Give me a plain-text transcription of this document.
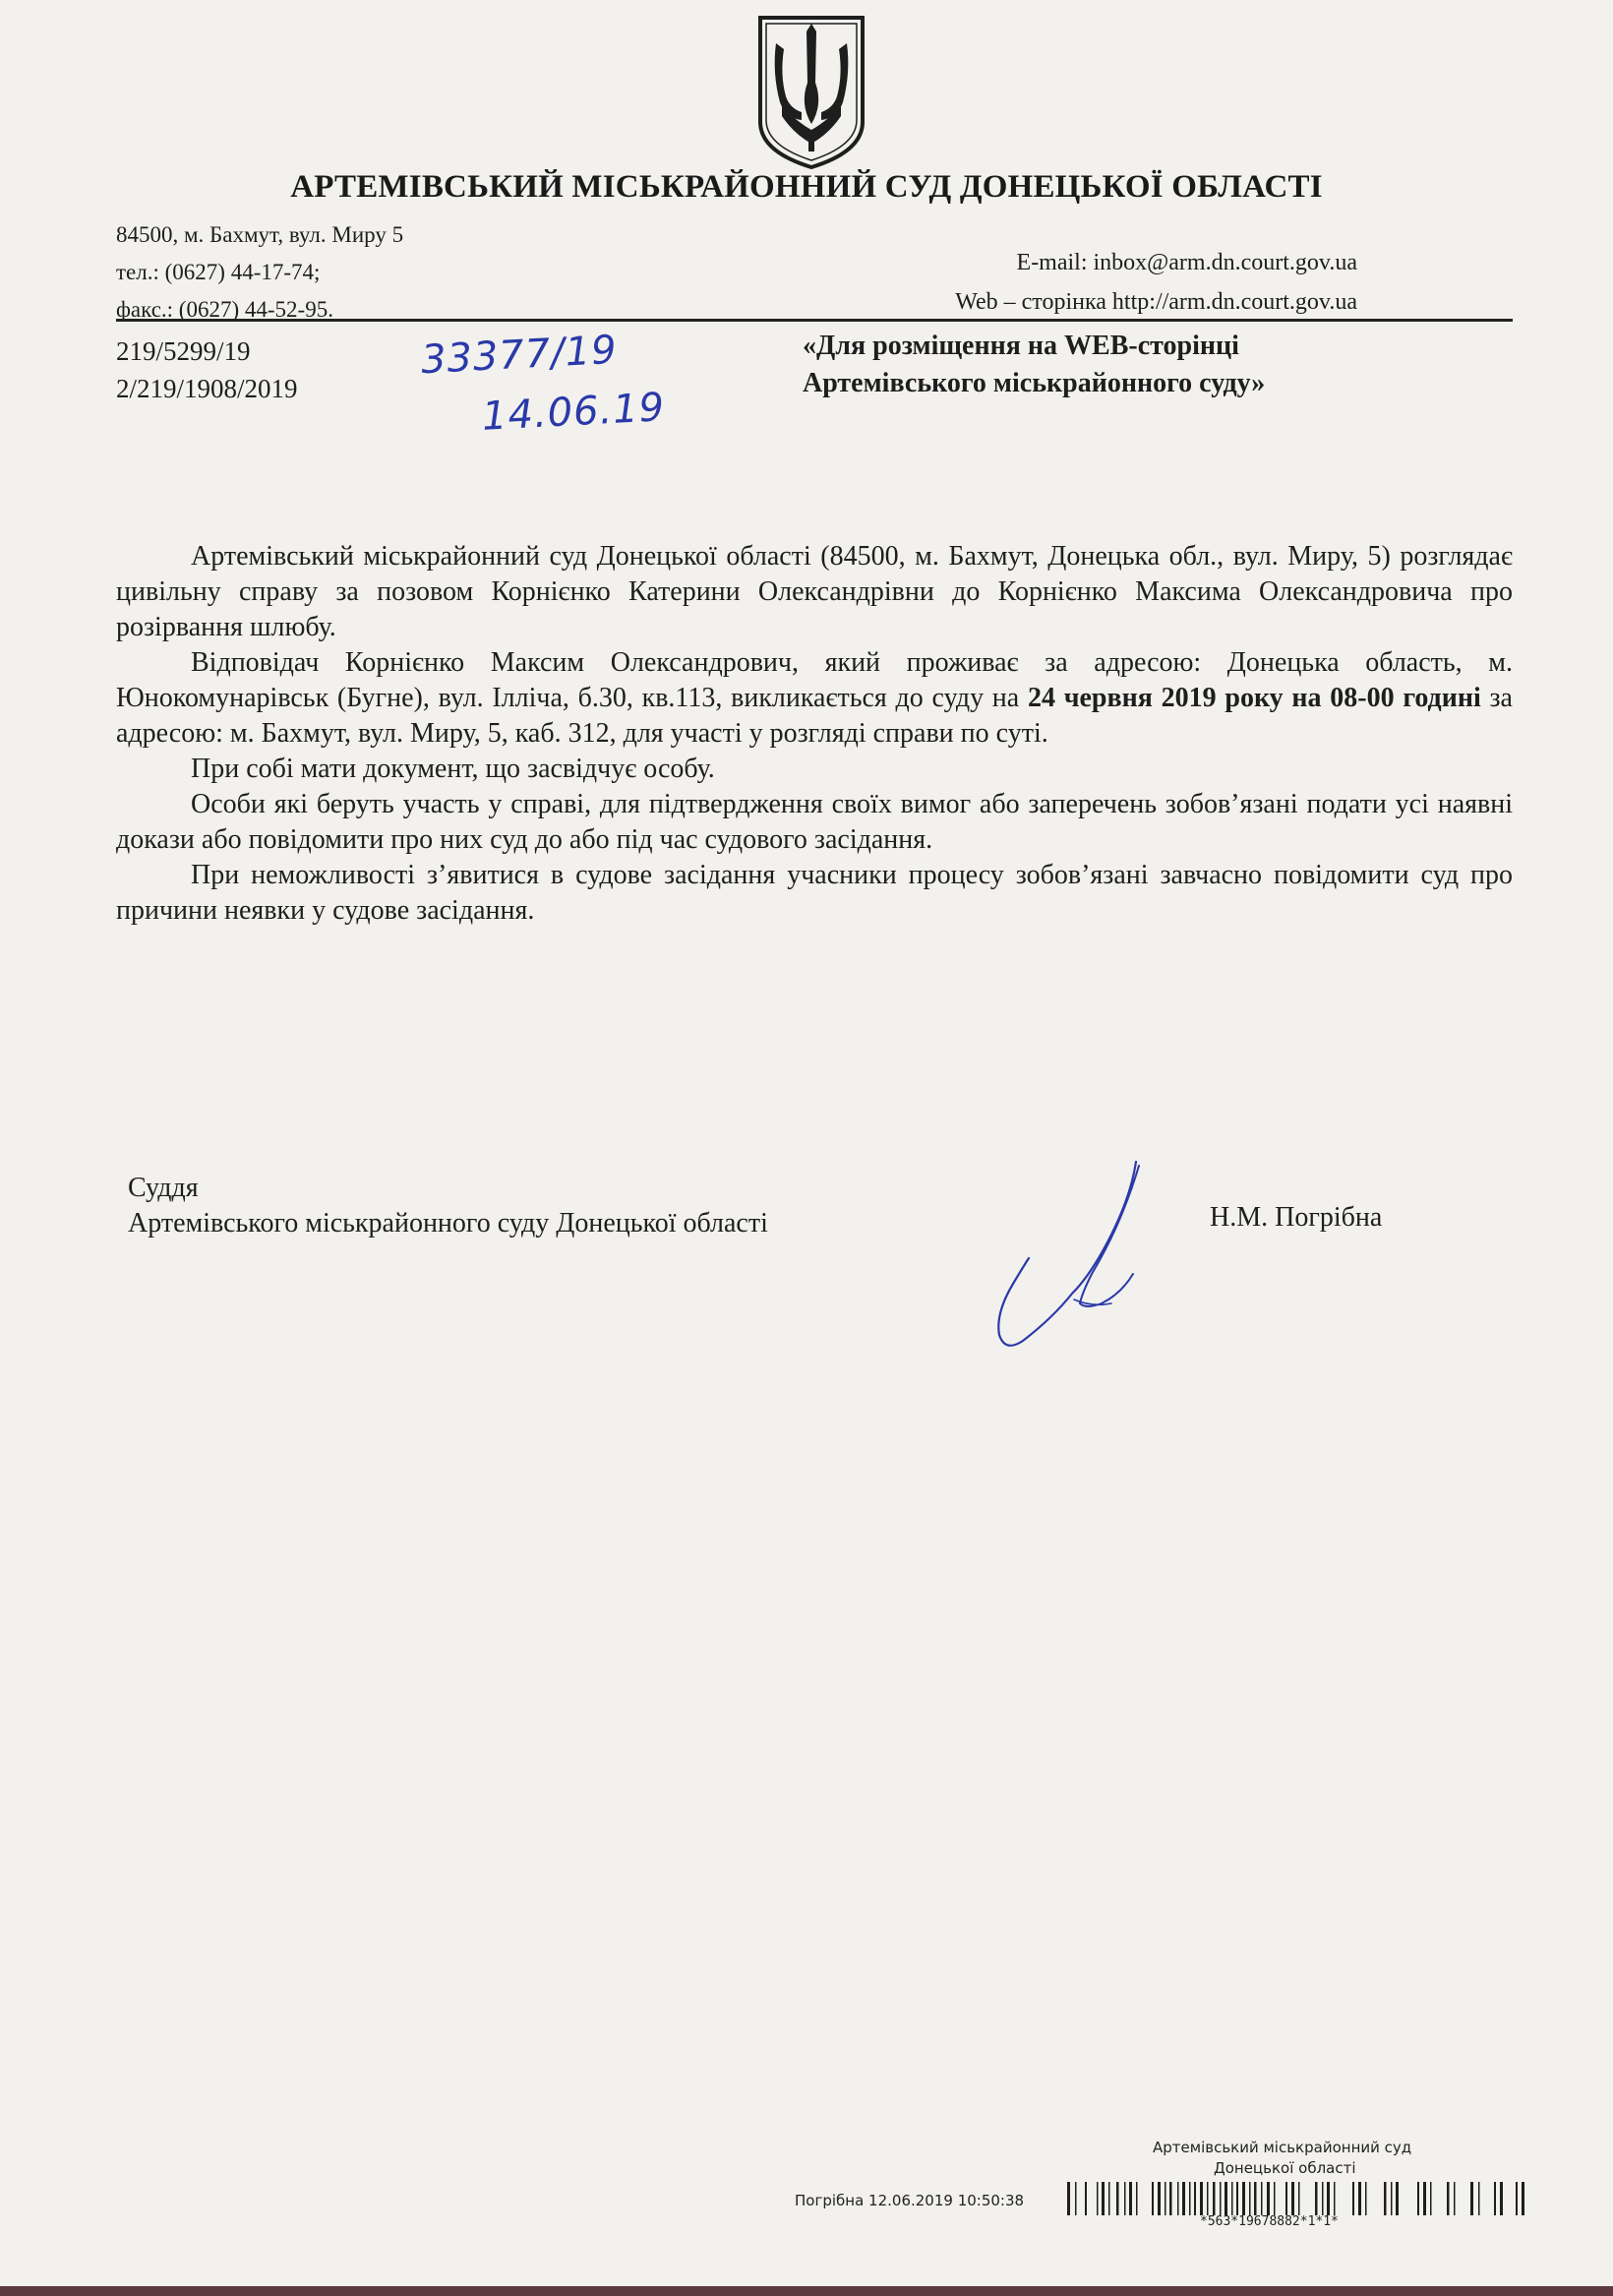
АРТЕМІВСЬКИЙ МІСЬКРАЙОННИЙ СУД ДОНЕЦЬКОЇ ОБЛАСТІ
84500, м. Бахмут, вул. Миру 5
тел.: (0627) 44-17-74;
факс.: (0627) 44-52-95.
E-mail: inbox@arm.dn.court.gov.ua
Web – сторінка http://arm.dn.court.gov.ua
219/5299/19
2/219/1908/2019
33377/19
14.06.19
«Для розміщення на WEB-сторінці
Артемівського міськрайонного суду»

Артемівський міськрайонний суд Донецької області (84500, м. Бахмут, Донецька обл., вул. Миру, 5) розглядає цивільну справу за позовом Корнієнко Катерини Олександрівни до Корнієнко Максима Олександровича про розірвання шлюбу.

Відповідач Корнієнко Максим Олександрович, який проживає за адресою: Донецька область, м. Юнокомунарівськ (Бугне), вул. Ілліча, б.30, кв.113, викликається до суду на 24 червня 2019 року на 08-00 годині за адресою: м. Бахмут, вул. Миру, 5, каб. 312, для участі у розгляді справи по суті.

При собі мати документ, що засвідчує особу.

Особи які беруть участь у справі, для підтвердження своїх вимог або заперечень зобов’язані подати усі наявні докази або повідомити про них суд до або під час судового засідання.

При неможливості з’явитися в судове засідання учасники процесу зобов’язані завчасно повідомити суд про причини неявки у судове засідання.

Суддя
Артемівського міськрайонного суду Донецької області	Н.М. Погрібна
Артемівський міськрайонний суд
Донецької області
Погрібна 12.06.2019 10:50:38
*563*19678882*1*1*
